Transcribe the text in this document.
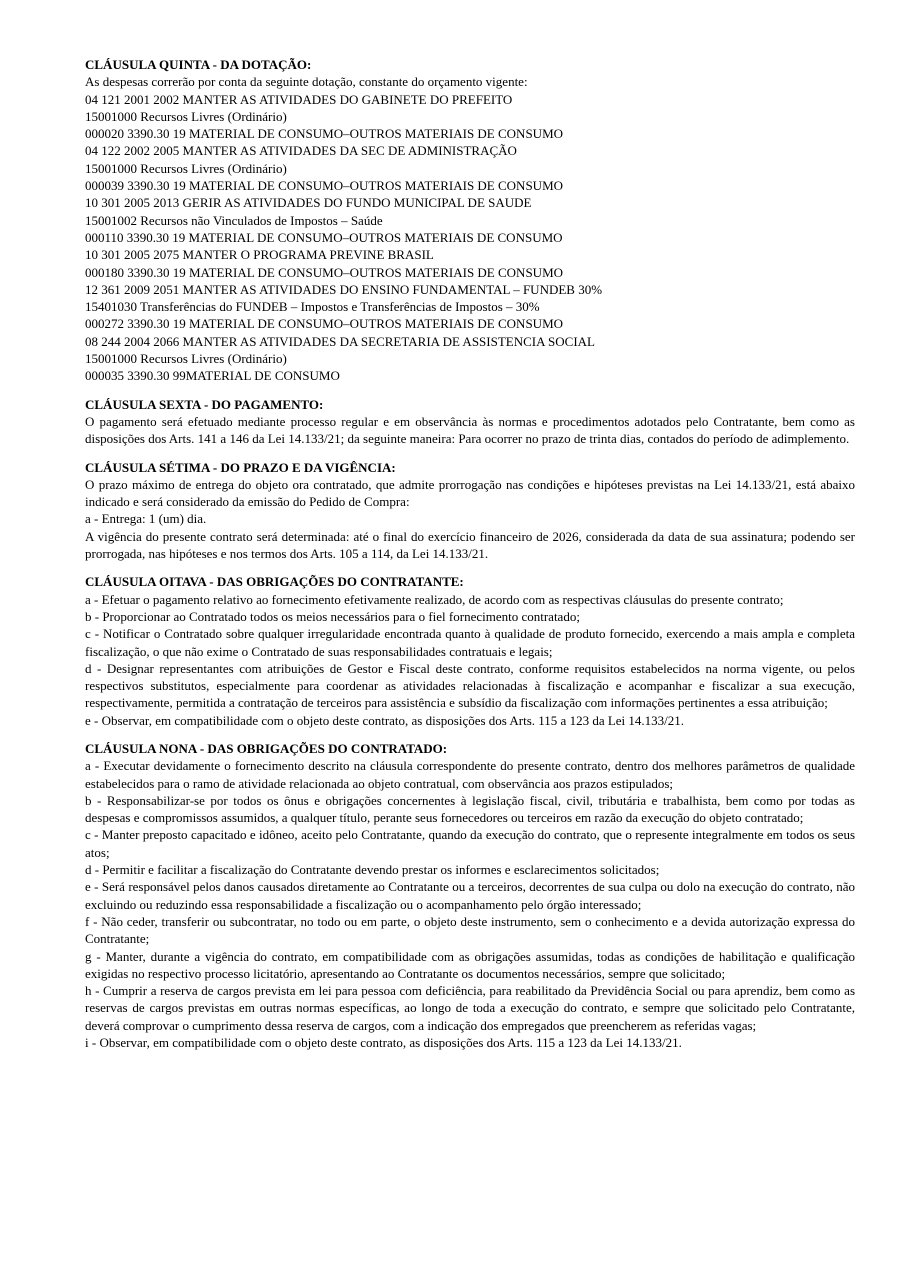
CLÁUSULA QUINTA - DA DOTAÇÃO:
As despesas correrão por conta da seguinte dotação, constante do orçamento vigente:
04 121 2001 2002 MANTER AS ATIVIDADES DO GABINETE DO PREFEITO
15001000 Recursos Livres (Ordinário)
000020 3390.30 19 MATERIAL DE CONSUMO–OUTROS MATERIAIS DE CONSUMO
04 122 2002 2005 MANTER AS ATIVIDADES DA SEC DE ADMINISTRAÇÃO
15001000 Recursos Livres (Ordinário)
000039 3390.30 19 MATERIAL DE CONSUMO–OUTROS MATERIAIS DE CONSUMO
10 301 2005 2013 GERIR AS ATIVIDADES DO FUNDO MUNICIPAL DE SAUDE
15001002 Recursos não Vinculados de Impostos – Saúde
000110 3390.30 19 MATERIAL DE CONSUMO–OUTROS MATERIAIS DE CONSUMO
10 301 2005 2075 MANTER O PROGRAMA PREVINE BRASIL
000180 3390.30 19 MATERIAL DE CONSUMO–OUTROS MATERIAIS DE CONSUMO
12 361 2009 2051 MANTER AS ATIVIDADES DO ENSINO FUNDAMENTAL – FUNDEB 30%
15401030 Transferências do FUNDEB – Impostos e Transferências de Impostos – 30%
000272 3390.30 19 MATERIAL DE CONSUMO–OUTROS MATERIAIS DE CONSUMO
08 244 2004 2066 MANTER AS ATIVIDADES DA SECRETARIA DE ASSISTENCIA SOCIAL
15001000 Recursos Livres (Ordinário)
000035 3390.30 99MATERIAL DE CONSUMO
CLÁUSULA SEXTA - DO PAGAMENTO:

O pagamento será efetuado mediante processo regular e em observância às normas e procedimentos adotados pelo Contratante, bem como as disposições dos Arts. 141 a 146 da Lei 14.133/21; da seguinte maneira: Para ocorrer no prazo de trinta dias, contados do período de adimplemento.

CLÁUSULA SÉTIMA - DO PRAZO E DA VIGÊNCIA:

O prazo máximo de entrega do objeto ora contratado, que admite prorrogação nas condições e hipóteses previstas na Lei 14.133/21, está abaixo indicado e será considerado da emissão do Pedido de Compra:

a - Entrega: 1 (um) dia.

A vigência do presente contrato será determinada: até o final do exercício financeiro de 2026, considerada da data de sua assinatura; podendo ser prorrogada, nas hipóteses e nos termos dos Arts. 105 a 114, da Lei 14.133/21.

CLÁUSULA OITAVA - DAS OBRIGAÇÕES DO CONTRATANTE:

a - Efetuar o pagamento relativo ao fornecimento efetivamente realizado, de acordo com as respectivas cláusulas do presente contrato;

b - Proporcionar ao Contratado todos os meios necessários para o fiel fornecimento contratado;

c - Notificar o Contratado sobre qualquer irregularidade encontrada quanto à qualidade de produto fornecido, exercendo a mais ampla e completa fiscalização, o que não exime o Contratado de suas responsabilidades contratuais e legais;

d - Designar representantes com atribuições de Gestor e Fiscal deste contrato, conforme requisitos estabelecidos na norma vigente, ou pelos respectivos substitutos, especialmente para coordenar as atividades relacionadas à fiscalização e acompanhar e fiscalizar a sua execução, respectivamente, permitida a contratação de terceiros para assistência e subsídio da fiscalização com informações pertinentes a essa atribuição;

e - Observar, em compatibilidade com o objeto deste contrato, as disposições dos Arts. 115 a 123 da Lei 14.133/21.

CLÁUSULA NONA - DAS OBRIGAÇÕES DO CONTRATADO:

a - Executar devidamente o fornecimento descrito na cláusula correspondente do presente contrato, dentro dos melhores parâmetros de qualidade estabelecidos para o ramo de atividade relacionada ao objeto contratual, com observância aos prazos estipulados;

b - Responsabilizar-se por todos os ônus e obrigações concernentes à legislação fiscal, civil, tributária e trabalhista, bem como por todas as despesas e compromissos assumidos, a qualquer título, perante seus fornecedores ou terceiros em razão da execução do objeto contratado;

c - Manter preposto capacitado e idôneo, aceito pelo Contratante, quando da execução do contrato, que o represente integralmente em todos os seus atos;

d - Permitir e facilitar a fiscalização do Contratante devendo prestar os informes e esclarecimentos solicitados;

e - Será responsável pelos danos causados diretamente ao Contratante ou a terceiros, decorrentes de sua culpa ou dolo na execução do contrato, não excluindo ou reduzindo essa responsabilidade a fiscalização ou o acompanhamento pelo órgão interessado;

f - Não ceder, transferir ou subcontratar, no todo ou em parte, o objeto deste instrumento, sem o conhecimento e a devida autorização expressa do Contratante;

g - Manter, durante a vigência do contrato, em compatibilidade com as obrigações assumidas, todas as condições de habilitação e qualificação exigidas no respectivo processo licitatório, apresentando ao Contratante os documentos necessários, sempre que solicitado;

h - Cumprir a reserva de cargos prevista em lei para pessoa com deficiência, para reabilitado da Previdência Social ou para aprendiz, bem como as reservas de cargos previstas em outras normas específicas, ao longo de toda a execução do contrato, e sempre que solicitado pelo Contratante, deverá comprovar o cumprimento dessa reserva de cargos, com a indicação dos empregados que preencherem as referidas vagas;

i - Observar, em compatibilidade com o objeto deste contrato, as disposições dos Arts. 115 a 123 da Lei 14.133/21.
